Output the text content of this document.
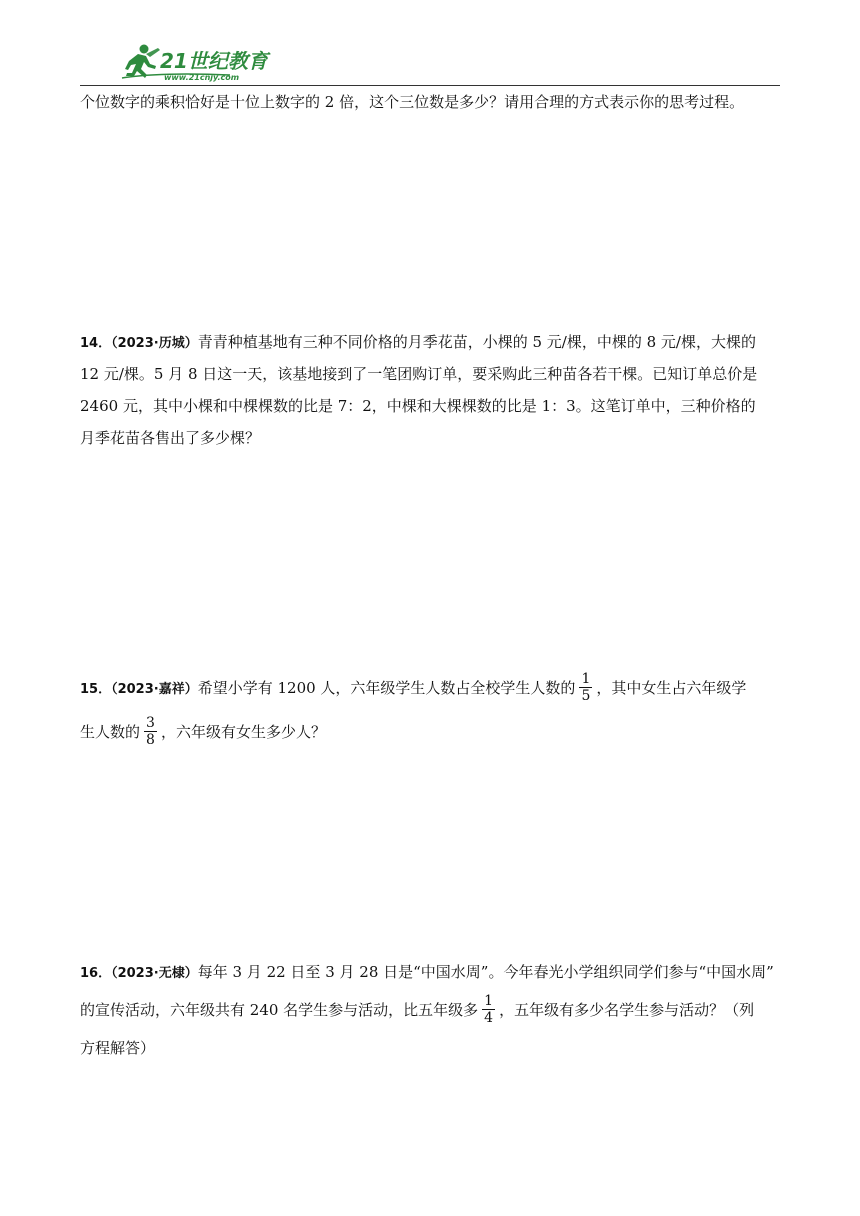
21世纪教育
www.21cnjy.com
个位数字的乘积恰好是十位上数字的 2 倍，这个三位数是多少？请用合理的方式表示你的思考过程。
14．（2023·历城）青青种植基地有三种不同价格的月季花苗，小棵的 5 元/棵，中棵的 8 元/棵，大棵的
12 元/棵。5 月 8 日这一天，该基地接到了一笔团购订单，要采购此三种苗各若干棵。已知订单总价是
2460 元，其中小棵和中棵棵数的比是 7：2，中棵和大棵棵数的比是 1：3。这笔订单中，三种价格的
月季花苗各售出了多少棵？
15．（2023·嘉祥）希望小学有 1200 人，六年级学生人数占全校学生人数的 $\frac{1}{5}$ ，其中女生占六年级学
生人数的 $\frac{3}{8}$ ，六年级有女生多少人？
16．（2023·无棣）每年 3 月 22 日至 3 月 28 日是“中国水周”。今年春光小学组织同学们参与“中国水周”
的宣传活动，六年级共有 240 名学生参与活动，比五年级多 $\frac{1}{4}$ ，五年级有多少名学生参与活动？（列
方程解答）
